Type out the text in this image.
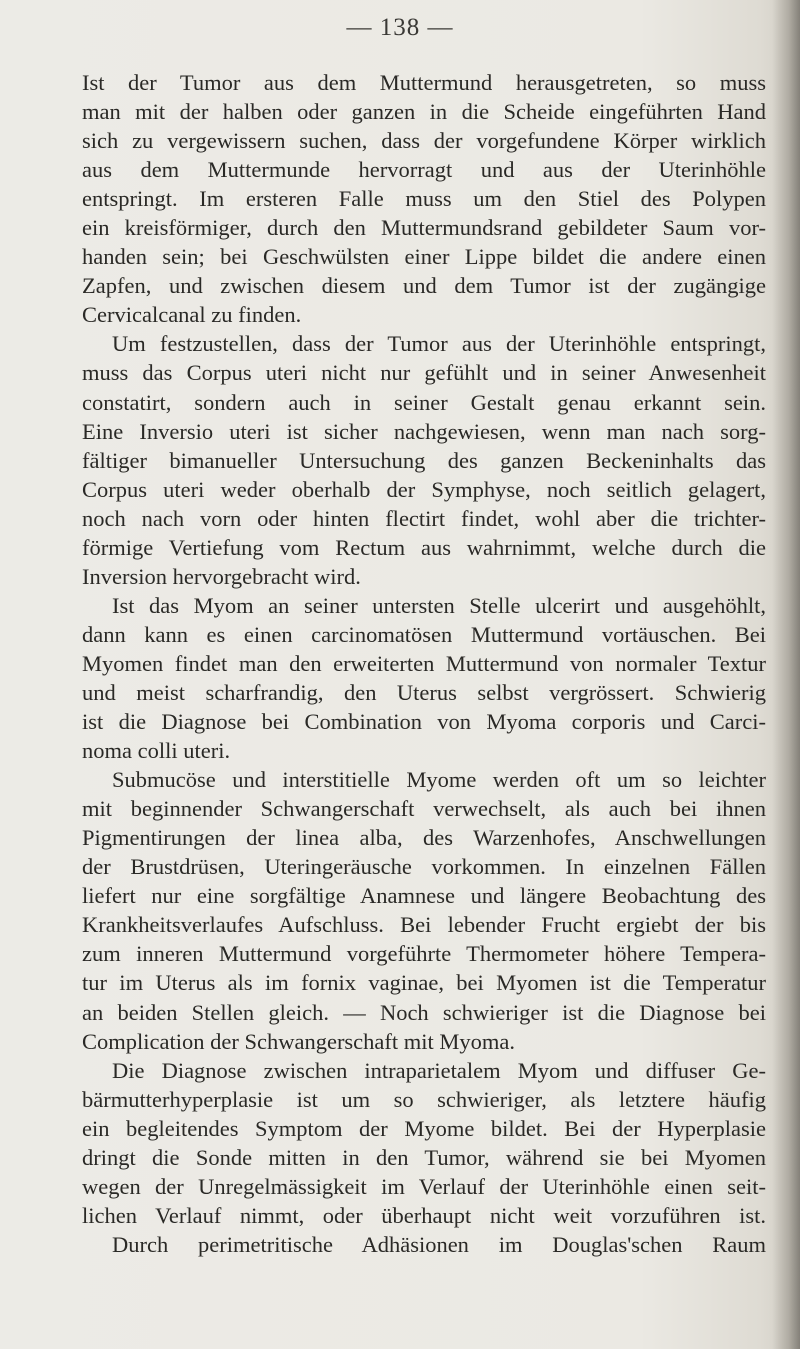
— 138 —
Ist der Tumor aus dem Muttermund herausgetreten, so muss
man mit der halben oder ganzen in die Scheide eingeführten Hand
sich zu vergewissern suchen, dass der vorgefundene Körper wirklich
aus dem Muttermunde hervorragt und aus der Uterinhöhle
entspringt. Im ersteren Falle muss um den Stiel des Polypen
ein kreisförmiger, durch den Muttermundsrand gebildeter Saum vor-
handen sein; bei Geschwülsten einer Lippe bildet die andere einen
Zapfen, und zwischen diesem und dem Tumor ist der zugängige
Cervicalcanal zu finden.
Um festzustellen, dass der Tumor aus der Uterinhöhle entspringt,
muss das Corpus uteri nicht nur gefühlt und in seiner Anwesenheit
constatirt, sondern auch in seiner Gestalt genau erkannt sein.
Eine Inversio uteri ist sicher nachgewiesen, wenn man nach sorg-
fältiger bimanueller Untersuchung des ganzen Beckeninhalts das
Corpus uteri weder oberhalb der Symphyse, noch seitlich gelagert,
noch nach vorn oder hinten flectirt findet, wohl aber die trichter-
förmige Vertiefung vom Rectum aus wahrnimmt, welche durch die
Inversion hervorgebracht wird.
Ist das Myom an seiner untersten Stelle ulcerirt und ausgehöhlt,
dann kann es einen carcinomatösen Muttermund vortäuschen. Bei
Myomen findet man den erweiterten Muttermund von normaler Textur
und meist scharfrandig, den Uterus selbst vergrössert. Schwierig
ist die Diagnose bei Combination von Myoma corporis und Carci-
noma colli uteri.
Submucöse und interstitielle Myome werden oft um so leichter
mit beginnender Schwangerschaft verwechselt, als auch bei ihnen
Pigmentirungen der linea alba, des Warzenhofes, Anschwellungen
der Brustdrüsen, Uteringeräusche vorkommen. In einzelnen Fällen
liefert nur eine sorgfältige Anamnese und längere Beobachtung des
Krankheitsverlaufes Aufschluss. Bei lebender Frucht ergiebt der bis
zum inneren Muttermund vorgeführte Thermometer höhere Tempera-
tur im Uterus als im fornix vaginae, bei Myomen ist die Temperatur
an beiden Stellen gleich. — Noch schwieriger ist die Diagnose bei
Complication der Schwangerschaft mit Myoma.
Die Diagnose zwischen intraparietalem Myom und diffuser Ge-
bärmutterhyperplasie ist um so schwieriger, als letztere häufig
ein begleitendes Symptom der Myome bildet. Bei der Hyperplasie
dringt die Sonde mitten in den Tumor, während sie bei Myomen
wegen der Unregelmässigkeit im Verlauf der Uterinhöhle einen seit-
lichen Verlauf nimmt, oder überhaupt nicht weit vorzuführen ist.
Durch perimetritische Adhäsionen im Douglas'schen Raum
